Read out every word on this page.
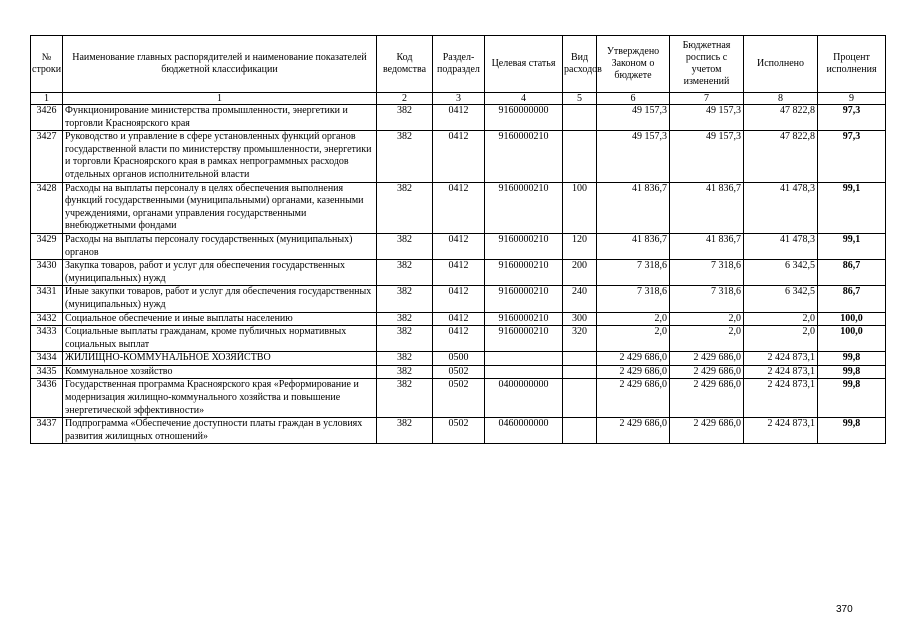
№ строки	Наименование главных распорядителей и наименование показателей бюджетной классификации	Код ведомства	Раздел-подраздел	Целевая статья	Вид расходов	Утверждено Законом о бюджете	Бюджетная роспись с учетом изменений	Исполнено	Процент исполнения
1	1	2	3	4	5	6	7	8	9
3426	Функционирование министерства промышленности, энергетики и торговли Красноярского края	382	0412	9160000000		49 157,3	49 157,3	47 822,8	97,3
3427	Руководство и управление в сфере установленных функций органов государственной власти по министерству промышленности, энергетики и торговли Красноярского края в рамках непрограммных расходов отдельных органов исполнительной власти	382	0412	9160000210		49 157,3	49 157,3	47 822,8	97,3
3428	Расходы на выплаты персоналу в целях обеспечения выполнения функций государственными (муниципальными) органами, казенными учреждениями, органами управления государственными внебюджетными фондами	382	0412	9160000210	100	41 836,7	41 836,7	41 478,3	99,1
3429	Расходы на выплаты персоналу государственных (муниципальных) органов	382	0412	9160000210	120	41 836,7	41 836,7	41 478,3	99,1
3430	Закупка товаров, работ и услуг для обеспечения государственных (муниципальных) нужд	382	0412	9160000210	200	7 318,6	7 318,6	6 342,5	86,7
3431	Иные закупки товаров, работ и услуг для обеспечения государственных (муниципальных) нужд	382	0412	9160000210	240	7 318,6	7 318,6	6 342,5	86,7
3432	Социальное обеспечение и иные выплаты населению	382	0412	9160000210	300	2,0	2,0	2,0	100,0
3433	Социальные выплаты гражданам, кроме публичных нормативных социальных выплат	382	0412	9160000210	320	2,0	2,0	2,0	100,0
3434	ЖИЛИЩНО-КОММУНАЛЬНОЕ ХОЗЯЙСТВО	382	0500			2 429 686,0	2 429 686,0	2 424 873,1	99,8
3435	Коммунальное хозяйство	382	0502			2 429 686,0	2 429 686,0	2 424 873,1	99,8
3436	Государственная программа Красноярского края «Реформирование и модернизация жилищно-коммунального хозяйства и повышение энергетической эффективности»	382	0502	0400000000		2 429 686,0	2 429 686,0	2 424 873,1	99,8
3437	Подпрограмма «Обеспечение доступности платы граждан в условиях развития жилищных отношений»	382	0502	0460000000		2 429 686,0	2 429 686,0	2 424 873,1	99,8
370
